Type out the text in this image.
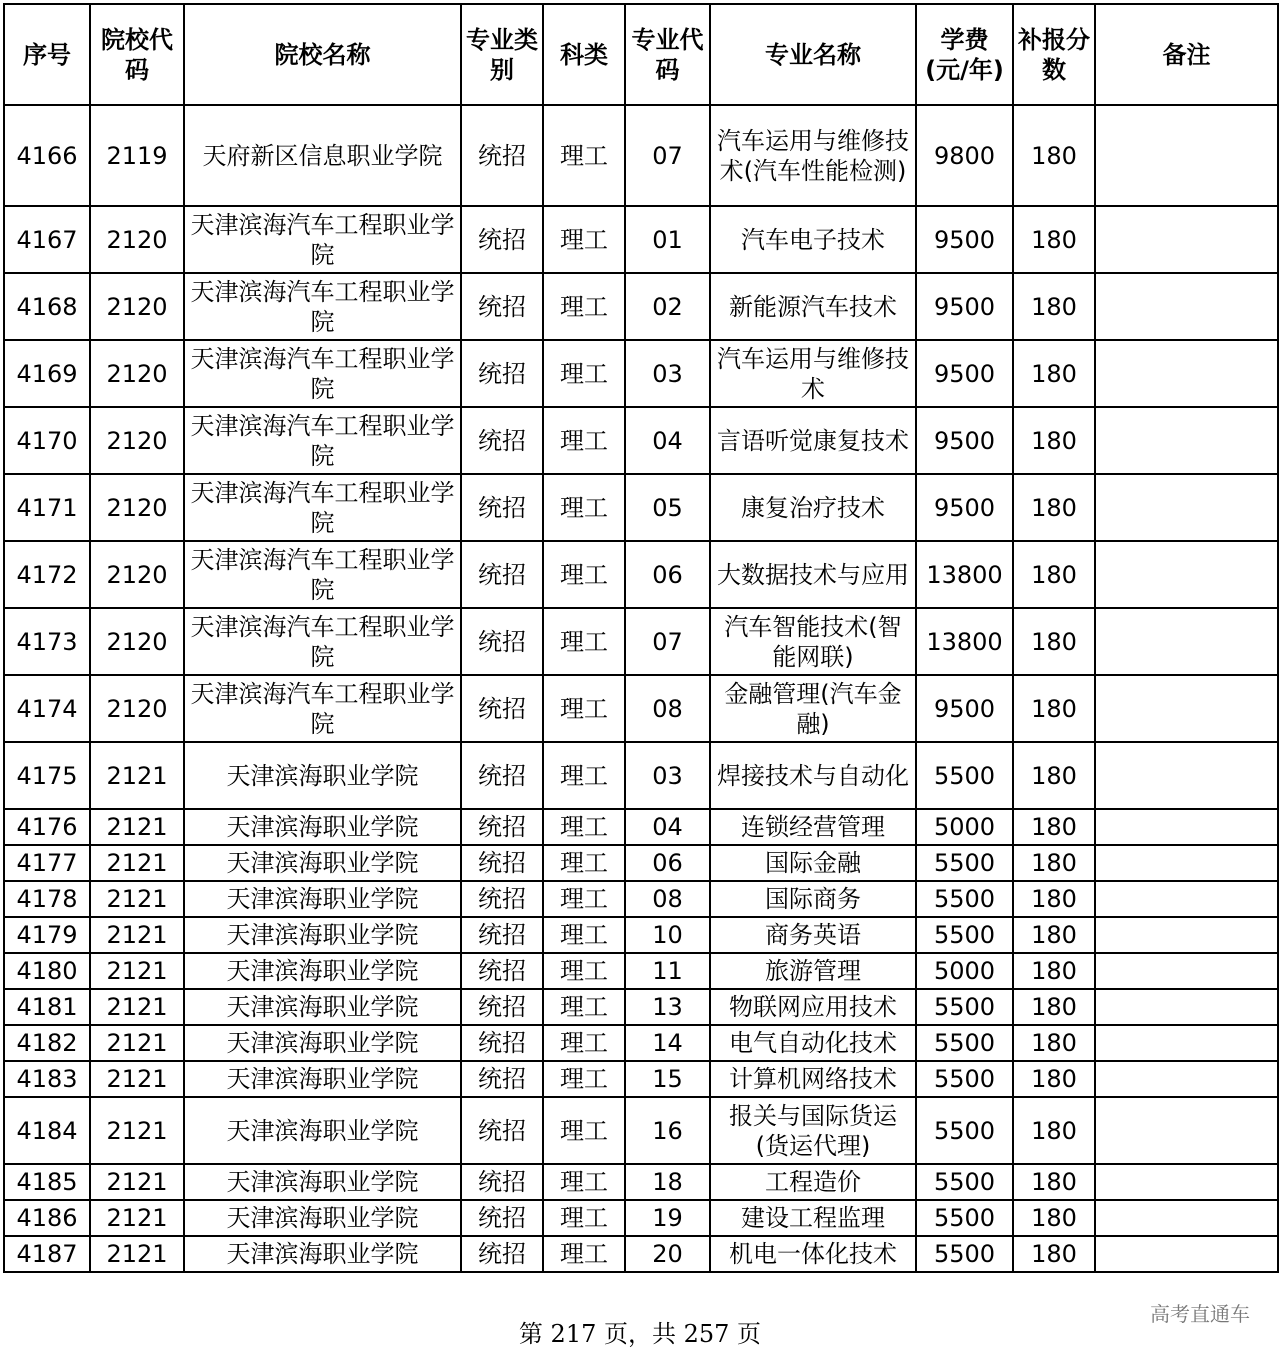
序号	院校代码	院校名称	专业类别	科类	专业代码	专业名称	学费(元/年)	补报分数	备注
4166	2119	天府新区信息职业学院	统招	理工	07	汽车运用与维修技术(汽车性能检测)	9800	180	
4167	2120	天津滨海汽车工程职业学院	统招	理工	01	汽车电子技术	9500	180	
4168	2120	天津滨海汽车工程职业学院	统招	理工	02	新能源汽车技术	9500	180	
4169	2120	天津滨海汽车工程职业学院	统招	理工	03	汽车运用与维修技术	9500	180	
4170	2120	天津滨海汽车工程职业学院	统招	理工	04	言语听觉康复技术	9500	180	
4171	2120	天津滨海汽车工程职业学院	统招	理工	05	康复治疗技术	9500	180	
4172	2120	天津滨海汽车工程职业学院	统招	理工	06	大数据技术与应用	13800	180	
4173	2120	天津滨海汽车工程职业学院	统招	理工	07	汽车智能技术(智能网联)	13800	180	
4174	2120	天津滨海汽车工程职业学院	统招	理工	08	金融管理(汽车金融)	9500	180	
4175	2121	天津滨海职业学院	统招	理工	03	焊接技术与自动化	5500	180	
4176	2121	天津滨海职业学院	统招	理工	04	连锁经营管理	5000	180	
4177	2121	天津滨海职业学院	统招	理工	06	国际金融	5500	180	
4178	2121	天津滨海职业学院	统招	理工	08	国际商务	5500	180	
4179	2121	天津滨海职业学院	统招	理工	10	商务英语	5500	180	
4180	2121	天津滨海职业学院	统招	理工	11	旅游管理	5000	180	
4181	2121	天津滨海职业学院	统招	理工	13	物联网应用技术	5500	180	
4182	2121	天津滨海职业学院	统招	理工	14	电气自动化技术	5500	180	
4183	2121	天津滨海职业学院	统招	理工	15	计算机网络技术	5500	180	
4184	2121	天津滨海职业学院	统招	理工	16	报关与国际货运(货运代理)	5500	180	
4185	2121	天津滨海职业学院	统招	理工	18	工程造价	5500	180	
4186	2121	天津滨海职业学院	统招	理工	19	建设工程监理	5500	180	
4187	2121	天津滨海职业学院	统招	理工	20	机电一体化技术	5500	180	
第 217 页，共 257 页
高考直通车
